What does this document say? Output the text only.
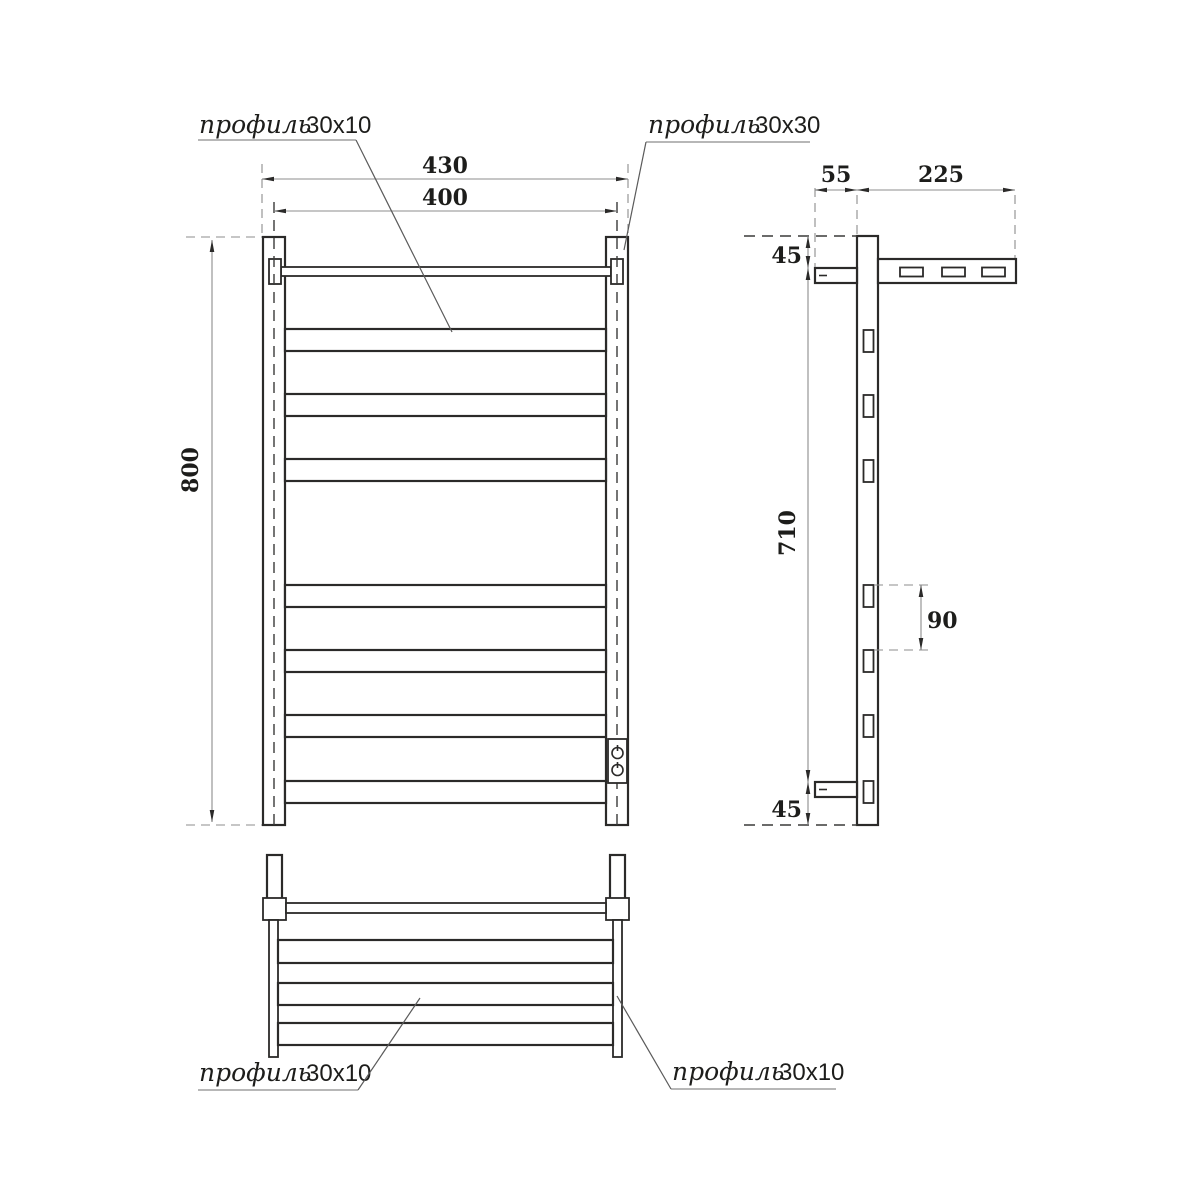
430
400
800
профиль
30x10	профиль
30x30
55	225
45
710
90
45
профиль
30x10	профиль
30x10
